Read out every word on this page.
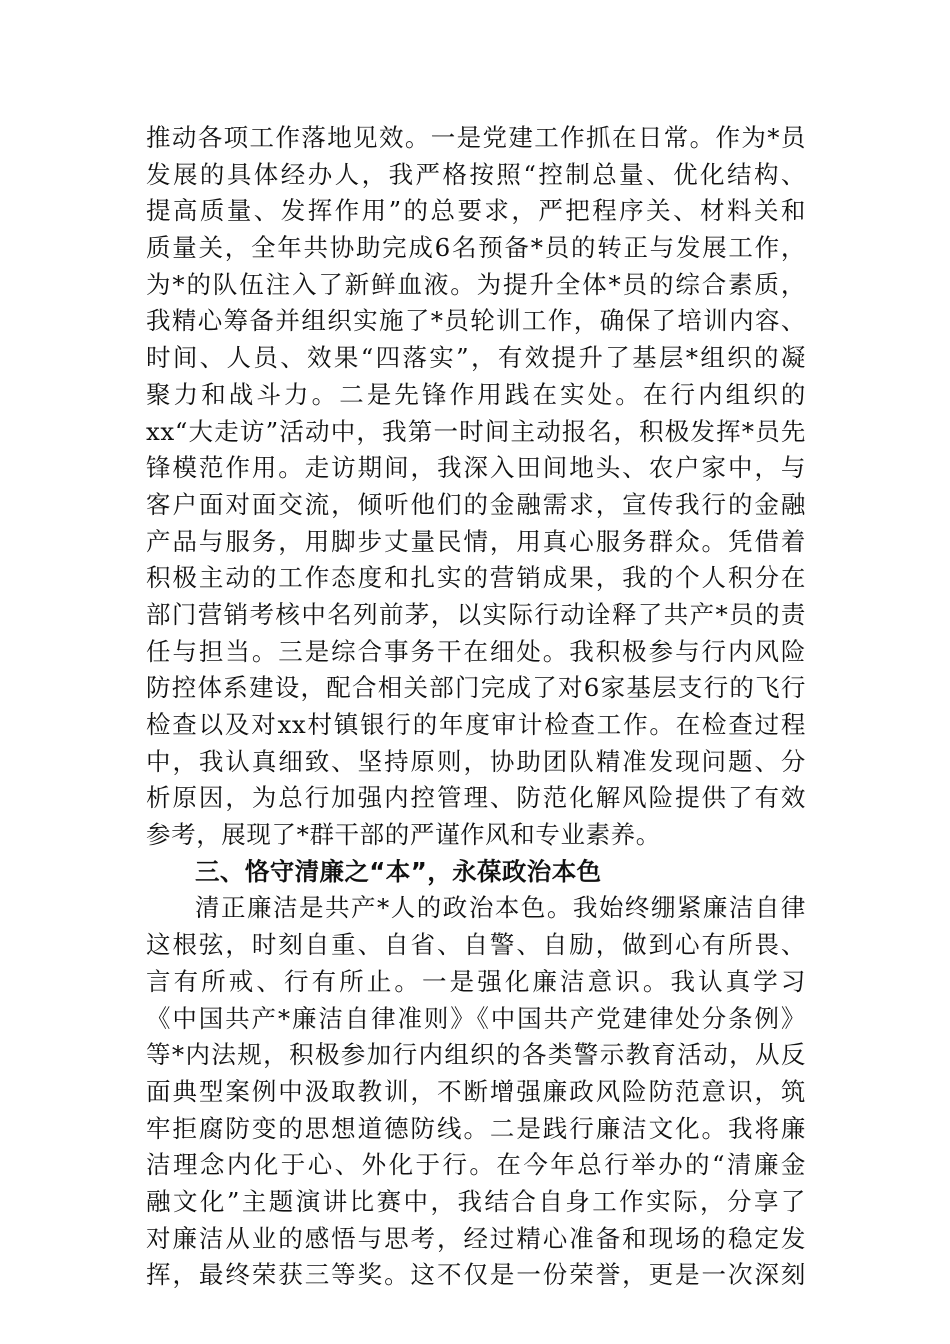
推动各项工作落地见效。一是党建工作抓在日常。作为*员
发展的具体经办人，我严格按照“控制总量、优化结构、
提高质量、发挥作用”的总要求，严把程序关、材料关和
质量关，全年共协助完成6名预备*员的转正与发展工作，
为*的队伍注入了新鲜血液。为提升全体*员的综合素质，
我精心筹备并组织实施了*员轮训工作，确保了培训内容、
时间、人员、效果“四落实”，有效提升了基层*组织的凝
聚力和战斗力。二是先锋作用践在实处。在行内组织的
xx“大走访”活动中，我第一时间主动报名，积极发挥*员先
锋模范作用。走访期间，我深入田间地头、农户家中，与
客户面对面交流，倾听他们的金融需求，宣传我行的金融
产品与服务，用脚步丈量民情，用真心服务群众。凭借着
积极主动的工作态度和扎实的营销成果，我的个人积分在
部门营销考核中名列前茅，以实际行动诠释了共产*员的责
任与担当。三是综合事务干在细处。我积极参与行内风险
防控体系建设，配合相关部门完成了对6家基层支行的飞行
检查以及对xx村镇银行的年度审计检查工作。在检查过程
中，我认真细致、坚持原则，协助团队精准发现问题、分
析原因，为总行加强内控管理、防范化解风险提供了有效
参考，展现了*群干部的严谨作风和专业素养。
三、恪守清廉之“本”，永葆政治本色
清正廉洁是共产*人的政治本色。我始终绷紧廉洁自律
这根弦，时刻自重、自省、自警、自励，做到心有所畏、
言有所戒、行有所止。一是强化廉洁意识。我认真学习
《中国共产*廉洁自律准则》《中国共产党建律处分条例》
等*内法规，积极参加行内组织的各类警示教育活动，从反
面典型案例中汲取教训，不断增强廉政风险防范意识，筑
牢拒腐防变的思想道德防线。二是践行廉洁文化。我将廉
洁理念内化于心、外化于行。在今年总行举办的“清廉金
融文化”主题演讲比赛中，我结合自身工作实际，分享了
对廉洁从业的感悟与思考，经过精心准备和现场的稳定发
挥，最终荣获三等奖。这不仅是一份荣誉，更是一次深刻
